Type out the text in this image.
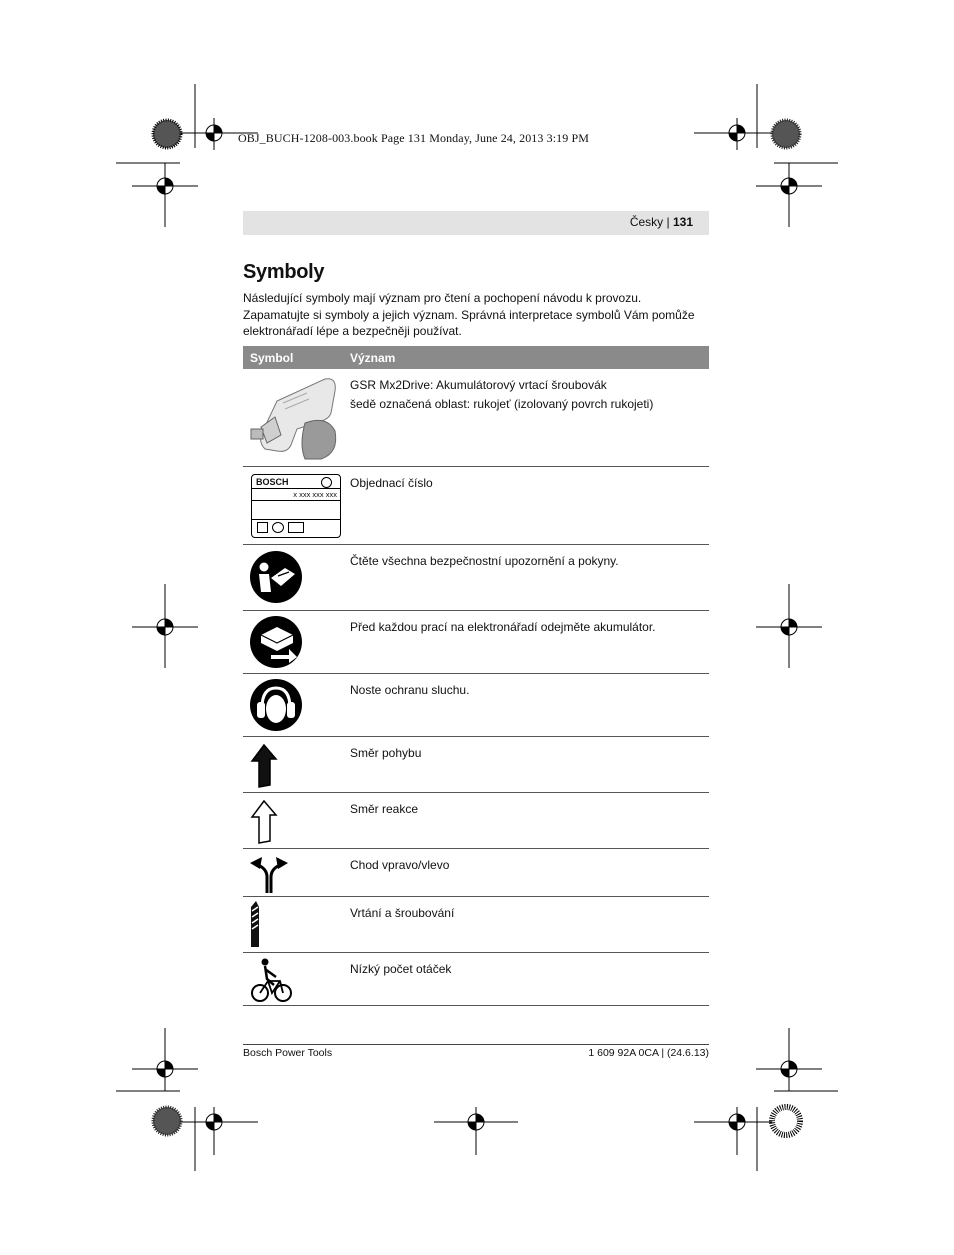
OBJ_BUCH-1208-003.book Page 131 Monday, June 24, 2013 3:19 PM
Česky | 131
Symboly
Následující symboly mají význam pro čtení a pochopení návodu k provozu. Zapamatujte si symboly a jejich význam. Správná interpretace symbolů Vám pomůže elektronářadí lépe a bezpečněji používat.
Symbol	Význam

GSR Mx2Drive: Akumulátorový vrtací šroubovák
šedě označená oblast: rukojeť (izolovaný povrch rukojeti)

BOSCH
x xxx xxx xxx	Objednací číslo

Čtěte všechna bezpečnostní upozornění a pokyny.

Před každou prací na elektronářadí odejměte akumulátor.

Noste ochranu sluchu.

Směr pohybu

Směr reakce

Chod vpravo/vlevo

Vrtání a šroubování

Nízký počet otáček
Bosch Power Tools	1 609 92A 0CA | (24.6.13)
